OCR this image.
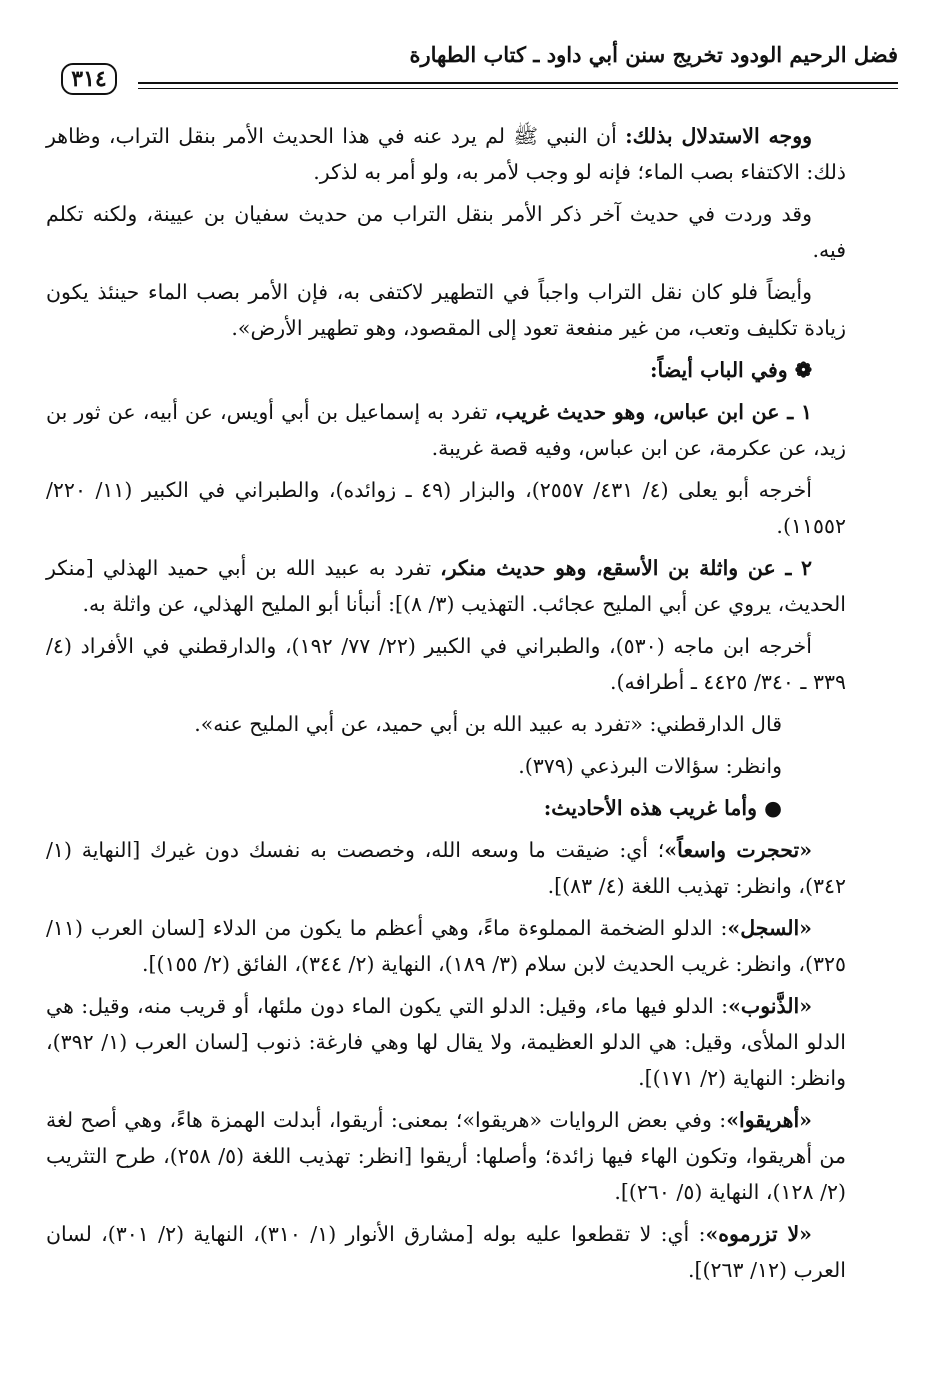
فضل الرحيم الودود تخريج سنن أبي داود ـ كتاب الطهارة
٣١٤

ووجه الاستدلال بذلك: أن النبي ﷺ لم يرد عنه في هذا الحديث الأمر بنقل التراب، وظاهر ذلك: الاكتفاء بصب الماء؛ فإنه لو وجب لأمر به، ولو أمر به لذكر.

وقد وردت في حديث آخر ذكر الأمر بنقل التراب من حديث سفيان بن عيينة، ولكنه تكلم فيه.

وأيضاً فلو كان نقل التراب واجباً في التطهير لاكتفى به، فإن الأمر بصب الماء حينئذ يكون زيادة تكليف وتعب، من غير منفعة تعود إلى المقصود، وهو تطهير الأرض».

❁ وفي الباب أيضاً:

١ ـ عن ابن عباس، وهو حديث غريب، تفرد به إسماعيل بن أبي أويس، عن أبيه، عن ثور بن زيد، عن عكرمة، عن ابن عباس، وفيه قصة غريبة.

أخرجه أبو يعلى (٤/ ٤٣١/ ٢٥٥٧)، والبزار (٤٩ ـ زوائده)، والطبراني في الكبير (١١/ ٢٢٠/ ١١٥٥٢).

٢ ـ عن واثلة بن الأسقع، وهو حديث منكر، تفرد به عبيد الله بن أبي حميد الهذلي [منكر الحديث، يروي عن أبي المليح عجائب. التهذيب (٣/ ٨)]: أنبأنا أبو المليح الهذلي، عن واثلة به.

أخرجه ابن ماجه (٥٣٠)، والطبراني في الكبير (٢٢/ ٧٧/ ١٩٢)، والدارقطني في الأفراد (٤/ ٣٣٩ ـ ٣٤٠/ ٤٤٢٥ ـ أطرافه).

قال الدارقطني: «تفرد به عبيد الله بن أبي حميد، عن أبي المليح عنه».

وانظر: سؤالات البرذعي (٣٧٩).

● وأما غريب هذه الأحاديث:

«تحجرت واسعاً»؛ أي: ضيقت ما وسعه الله، وخصصت به نفسك دون غيرك [النهاية (١/ ٣٤٢)، وانظر: تهذيب اللغة (٤/ ٨٣)].

«السجل»: الدلو الضخمة المملوءة ماءً، وهي أعظم ما يكون من الدلاء [لسان العرب (١١/ ٣٢٥)، وانظر: غريب الحديث لابن سلام (٣/ ١٨٩)، النهاية (٢/ ٣٤٤)، الفائق (٢/ ١٥٥)].

«الذَّنوب»: الدلو فيها ماء، وقيل: الدلو التي يكون الماء دون ملئها، أو قريب منه، وقيل: هي الدلو الملأى، وقيل: هي الدلو العظيمة، ولا يقال لها وهي فارغة: ذنوب [لسان العرب (١/ ٣٩٢)، وانظر: النهاية (٢/ ١٧١)].

«أهريقوا»: وفي بعض الروايات «هريقوا»؛ بمعنى: أريقوا، أبدلت الهمزة هاءً، وهي أصح لغة من أهريقوا، وتكون الهاء فيها زائدة؛ وأصلها: أريقوا [انظر: تهذيب اللغة (٥/ ٢٥٨)، طرح التثريب (٢/ ١٢٨)، النهاية (٥/ ٢٦٠)].

«لا تزرموه»: أي: لا تقطعوا عليه بوله [مشارق الأنوار (١/ ٣١٠)، النهاية (٢/ ٣٠١)، لسان العرب (١٢/ ٢٦٣)].
